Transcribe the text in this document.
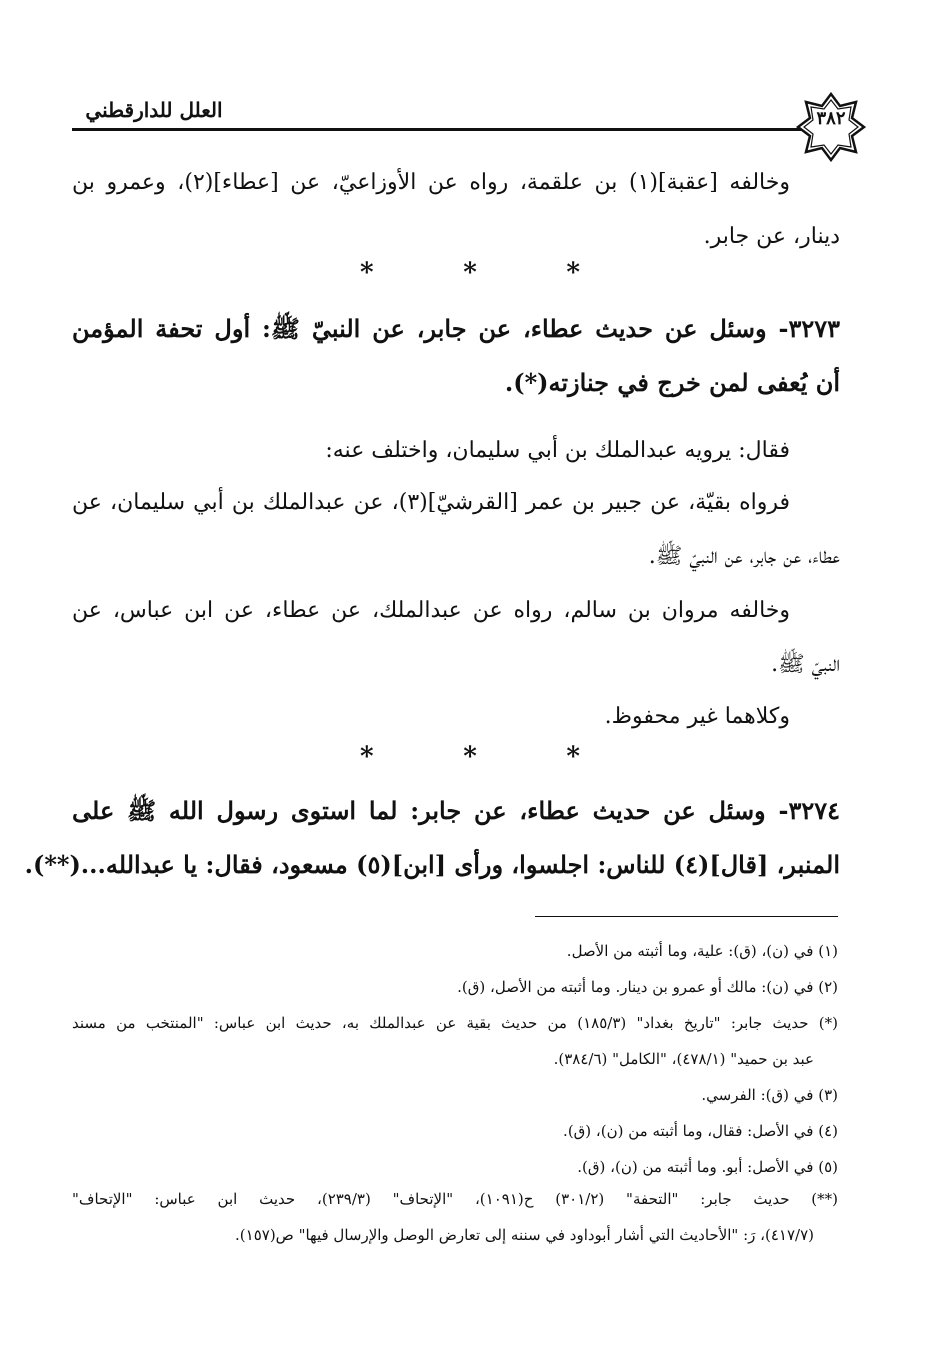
العلل للدارقطني	٣٨٢
وخالفه [عقبة](١) بن علقمة، رواه عن الأوزاعيّ، عن [عطاء](٢)، وعمرو بن
دينار، عن جابر.
*	*	*
٣٢٧٣- وسئل عن حديث عطاء، عن جابر، عن النبيّ ﷺ: أول تحفة المؤمن
أن يُعفى لمن خرج في جنازته(*).
فقال: يرويه عبدالملك بن أبي سليمان، واختلف عنه:
فرواه بقيّة، عن جبير بن عمر [القرشيّ](٣)، عن عبدالملك بن أبي سليمان، عن
عطاء، عن جابر، عن النبيّ ﷺ.
وخالفه مروان بن سالم، رواه عن عبدالملك، عن عطاء، عن ابن عباس، عن
النبيّ ﷺ.
وكلاهما غير محفوظ.
*	*	*
٣٢٧٤- وسئل عن حديث عطاء، عن جابر: لما استوى رسول الله ﷺ على
المنبر، [قال](٤) للناس: اجلسوا، ورأى [ابن](٥) مسعود، فقال: يا عبدالله...(**).
(١) في (ن)، (ق): علية، وما أثبته من الأصل.
(٢) في (ن): مالك أو عمرو بن دينار. وما أثبته من الأصل، (ق).
(*) حديث جابر: "تاريخ بغداد" (١٨٥/٣) من حديث بقية عن عبدالملك به، حديث ابن عباس: "المنتخب من مسند
عبد بن حميد" (٤٧٨/١)، "الكامل" (٣٨٤/٦).
(٣) في (ق): الفرسي.
(٤) في الأصل: فقال، وما أثبته من (ن)، (ق).
(٥) في الأصل: أبو. وما أثبته من (ن)، (ق).
(**) حديث جابر: "التحفة" (٣٠١/٢) ح(١٠٩١)، "الإتحاف" (٢٣٩/٣)، حديث ابن عباس: "الإتحاف"
(٤١٧/٧)، رَ: "الأحاديث التي أشار أبوداود في سننه إلى تعارض الوصل والإرسال فيها" ص(١٥٧).
